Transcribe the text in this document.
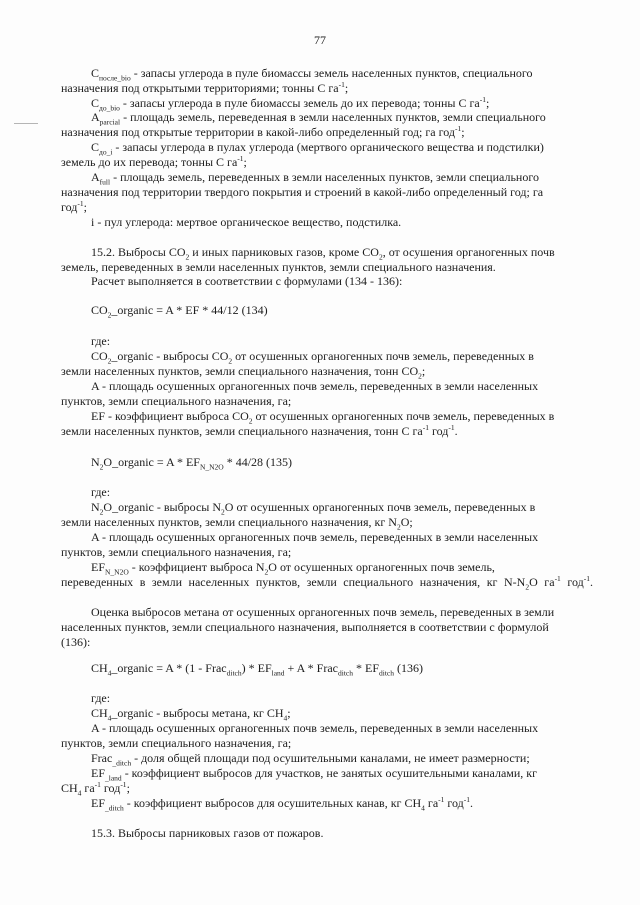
77
$C_{после\_bio}$ - запасы углерода в пуле биомассы земель населенных пунктов, специального
назначения под открытыми территориями; тонны C $га^{-1}$;
$C_{до\_bio}$ - запасы углерода в пуле биомассы земель до их перевода; тонны C $га^{-1}$;
$A_{parcial}$ - площадь земель, переведенная в земли населенных пунктов, земли специального
назначения под открытые территории в какой-либо определенный год; га год$^{-1}$;
$C_{до\_i}$ - запасы углерода в пулах углерода (мертвого органического вещества и подстилки)
земель до их перевода; тонны C $га^{-1}$;
$A_{full}$ - площадь земель, переведенных в земли населенных пунктов, земли специального
назначения под территории твердого покрытия и строений в какой-либо определенный год; га
год$^{-1}$;
i - пул углерода: мертвое органическое вещество, подстилка.
15.2. Выбросы $CO_2$ и иных парниковых газов, кроме $CO_2$, от осушения органогенных почв
земель, переведенных в земли населенных пунктов, земли специального назначения.
Расчет выполняется в соответствии с формулами (134 - 136):
$CO_2\_organic = A$ * EF * 44/12 (134)
где:
$CO_2\_organic$ - выбросы $CO_2$ от осушенных органогенных почв земель, переведенных в
земли населенных пунктов, земли специального назначения, тонн $CO_2$;
A - площадь осушенных органогенных почв земель, переведенных в земли населенных
пунктов, земли специального назначения, га;
EF - коэффициент выброса $CO_2$ от осушенных органогенных почв земель, переведенных в
земли населенных пунктов, земли специального назначения, тонн C $га^{-1}$ год$^{-1}$.
$N_2O\_organic = A * EF_{N\_N2O} * 44/28$ (135)
где:
$N_2O\_organic$ - выбросы $N_2O$ от осушенных органогенных почв земель, переведенных в
земли населенных пунктов, земли специального назначения, кг $N_2O$;
A - площадь осушенных органогенных почв земель, переведенных в земли населенных
пунктов, земли специального назначения, га;
$EF_{N\_N2O}$ - коэффициент выброса $N_2O$ от осушенных органогенных почв земель,
переведенных в земли населенных пунктов, земли специального назначения, кг $N-N_2O$ $га^{-1}$ год$^{-1}$.
Оценка выбросов метана от осушенных органогенных почв земель, переведенных в земли
населенных пунктов, земли специального назначения, выполняется в соответствии с формулой
(136):
$CH_4\_organic = A * (1$ - Frac$_{ditch}$) * $EF_{land} + A$ * Frac$_{ditch}$ * $EF_{ditch}$ (136)
где:
$CH_4\_organic$ - выбросы метана, кг $CH_4$;
A - площадь осушенных органогенных почв земель, переведенных в земли населенных
пунктов, земли специального назначения, га;
Frac$_{\_ditch}$ - доля общей площади под осушительными каналами, не имеет размерности;
$EF_{\_land}$ - коэффициент выбросов для участков, не занятых осушительными каналами, кг
$CH_4$ $га^{-1}$ год$^{-1}$;
$EF_{\_ditch}$ - коэффициент выбросов для осушительных канав, кг $CH_4$ $га^{-1}$ год$^{-1}$.
15.3. Выбросы парниковых газов от пожаров.
